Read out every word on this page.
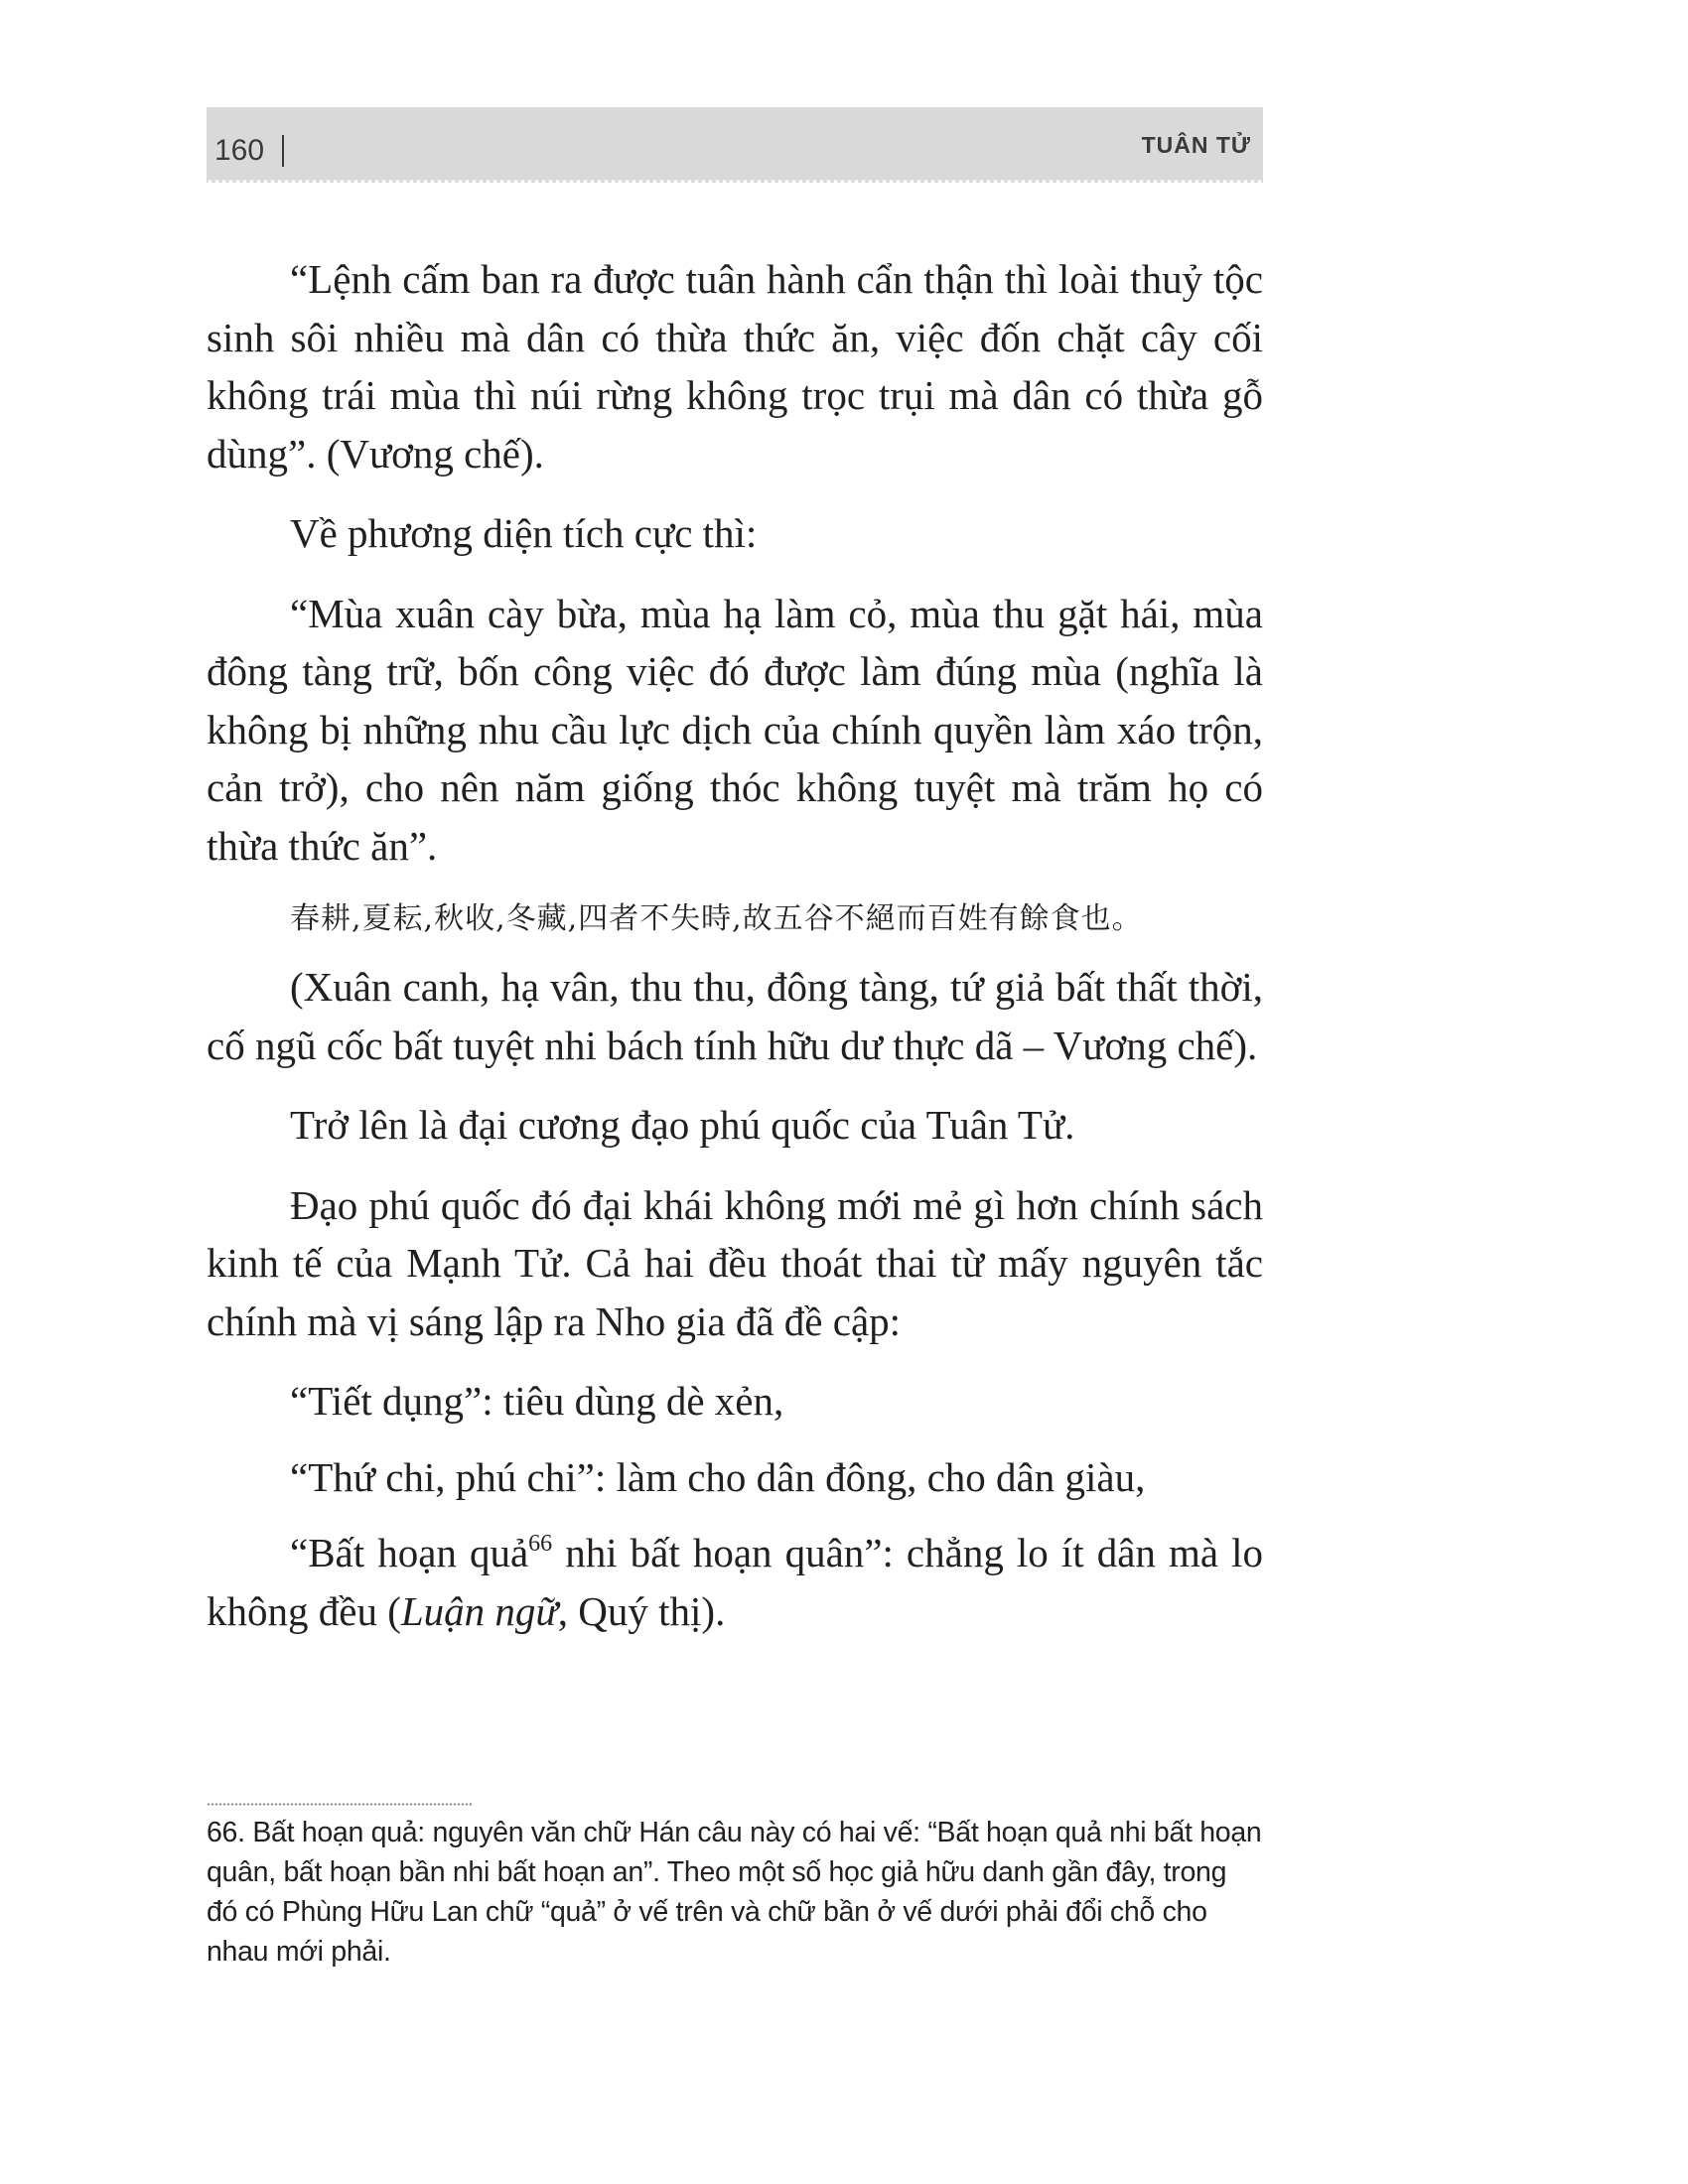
160	TUÂN TỬ

“Lệnh cấm ban ra được tuân hành cẩn thận thì loài thuỷ tộc sinh sôi nhiều mà dân có thừa thức ăn, việc đốn chặt cây cối không trái mùa thì núi rừng không trọc trụi mà dân có thừa gỗ dùng”. (Vương chế).

Về phương diện tích cực thì:

“Mùa xuân cày bừa, mùa hạ làm cỏ, mùa thu gặt hái, mùa đông tàng trữ, bốn công việc đó được làm đúng mùa (nghĩa là không bị những nhu cầu lực dịch của chính quyền làm xáo trộn, cản trở), cho nên năm giống thóc không tuyệt mà trăm họ có thừa thức ăn”.

春耕,夏耘,秋收,冬藏,四者不失時,故五谷不絕而百姓有餘食也。

(Xuân canh, hạ vân, thu thu, đông tàng, tứ giả bất thất thời, cố ngũ cốc bất tuyệt nhi bách tính hữu dư thực dã – Vương chế).

Trở lên là đại cương đạo phú quốc của Tuân Tử.

Đạo phú quốc đó đại khái không mới mẻ gì hơn chính sách kinh tế của Mạnh Tử. Cả hai đều thoát thai từ mấy nguyên tắc chính mà vị sáng lập ra Nho gia đã đề cập:

“Tiết dụng”: tiêu dùng dè xẻn,

“Thứ chi, phú chi”: làm cho dân đông, cho dân giàu,

“Bất hoạn quả$^{66}$ nhi bất hoạn quân”: chẳng lo ít dân mà lo không đều (Luận ngữ, Quý thị).

66. Bất hoạn quả: nguyên văn chữ Hán câu này có hai vế: “Bất hoạn quả nhi bất hoạn quân, bất hoạn bần nhi bất hoạn an”. Theo một số học giả hữu danh gần đây, trong đó có Phùng Hữu Lan chữ “quả” ở vế trên và chữ bần ở vế dưới phải đổi chỗ cho nhau mới phải.
